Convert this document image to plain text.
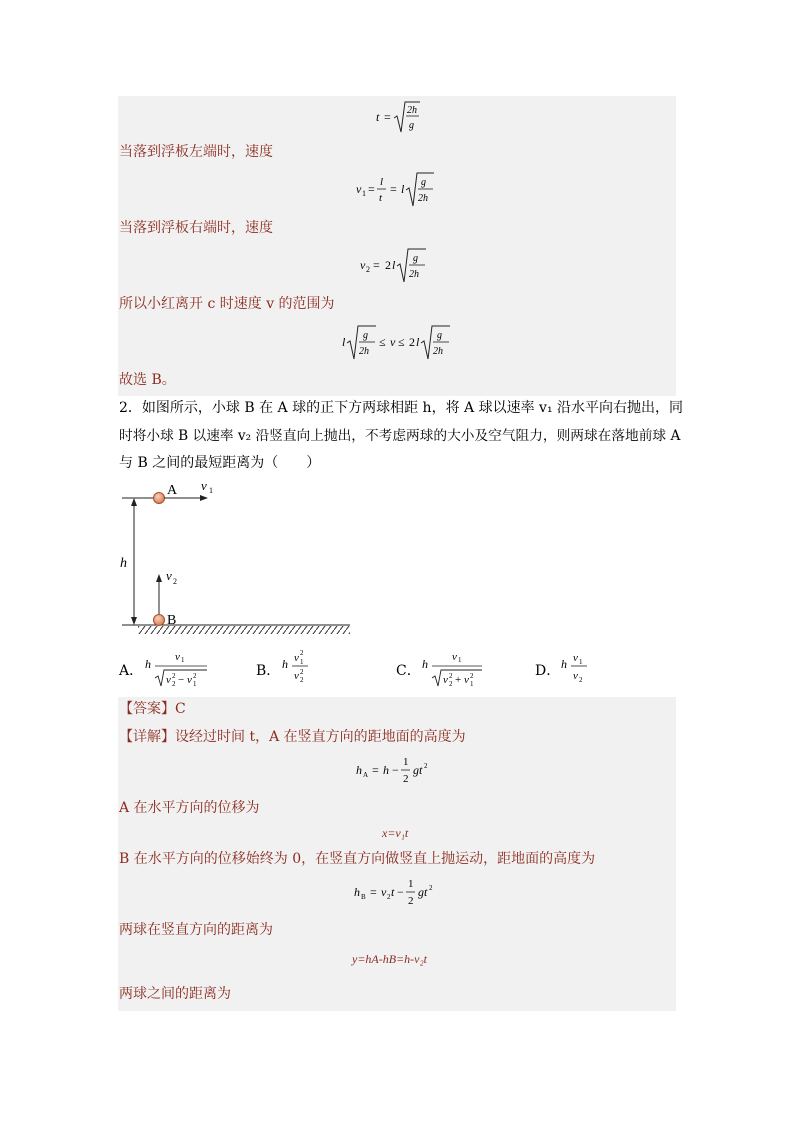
t = 2h
g
当落到浮板左端时，速度
v 1 = l
t
= l g
2h
当落到浮板右端时，速度
v 2 = 2 l g
2h
所以小红离开 c 时速度 v 的范围为
l g
2h
≤ v ≤ 2 l g
2h
故选 B。
2．如图所示，小球 B 在 A 球的正下方两球相距 h，将 A 球以速率 v₁ 沿水平向右抛出，同
时将小球 B 以速率 v₂ 沿竖直向上抛出，不考虑两球的大小及空气阻力，则两球在落地前球 A
与 B 之间的最短距离为（　　）
h
A v 1
B
v 2
A． h v 1
v 2
2 − v 1
2	B． h v 1
2
v 2
2	C． h v 1
v 2
2 + v 1
2	D． h v 1
v 2
【答案】C
【详解】设经过时间 t，A 在竖直方向的距地面的高度为
h A = h −
1
2
gt 2
A 在水平方向的位移为
x=v₁t
B 在水平方向的位移始终为 0，在竖直方向做竖直上抛运动，距地面的高度为
h B = v 2 t −
1
2
gt 2
两球在竖直方向的距离为
y=hA-hB=h-v₂t
两球之间的距离为
